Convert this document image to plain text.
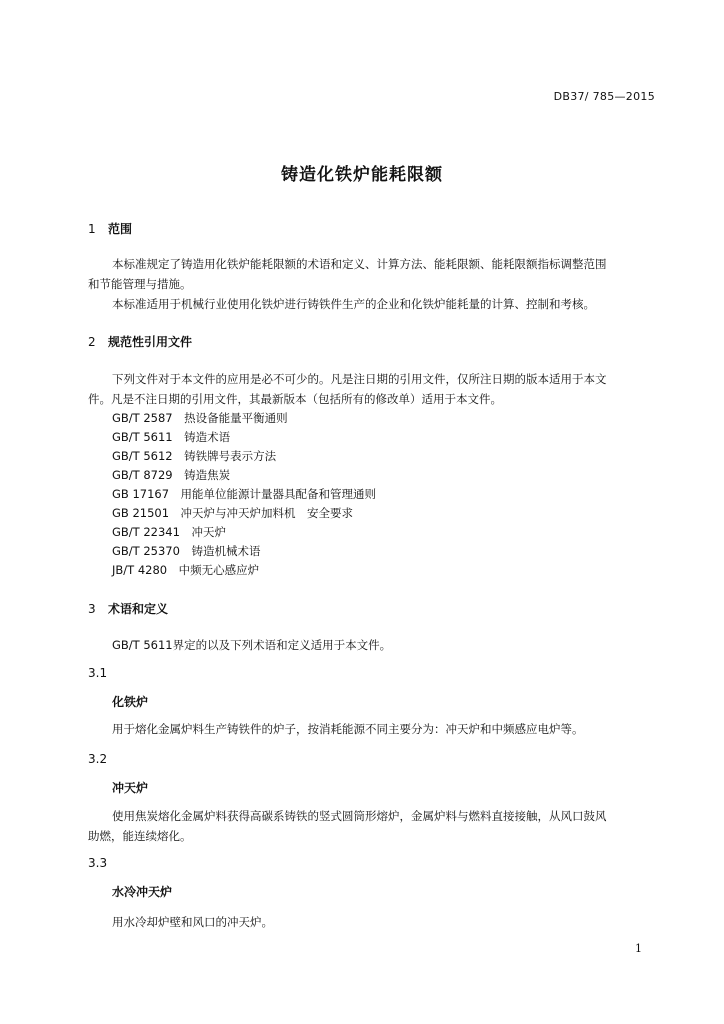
DB37/ 785—2015
铸造化铁炉能耗限额
1 范围
本标准规定了铸造用化铁炉能耗限额的术语和定义、计算方法、能耗限额、能耗限额指标调整范围
和节能管理与措施。
本标准适用于机械行业使用化铁炉进行铸铁件生产的企业和化铁炉能耗量的计算、控制和考核。
2 规范性引用文件
下列文件对于本文件的应用是必不可少的。凡是注日期的引用文件，仅所注日期的版本适用于本文
件。凡是不注日期的引用文件，其最新版本（包括所有的修改单）适用于本文件。
GB/T 2587　热设备能量平衡通则
GB/T 5611　铸造术语
GB/T 5612　铸铁牌号表示方法
GB/T 8729　铸造焦炭
GB 17167　用能单位能源计量器具配备和管理通则
GB 21501　冲天炉与冲天炉加料机　安全要求
GB/T 22341　冲天炉
GB/T 25370　铸造机械术语
JB/T 4280　中频无心感应炉
3 术语和定义
GB/T 5611界定的以及下列术语和定义适用于本文件。
3.1
化铁炉
用于熔化金属炉料生产铸铁件的炉子，按消耗能源不同主要分为：冲天炉和中频感应电炉等。
3.2
冲天炉
使用焦炭熔化金属炉料获得高碳系铸铁的竖式圆筒形熔炉，金属炉料与燃料直接接触，从风口鼓风
助燃，能连续熔化。
3.3
水冷冲天炉
用水冷却炉壁和风口的冲天炉。
1
